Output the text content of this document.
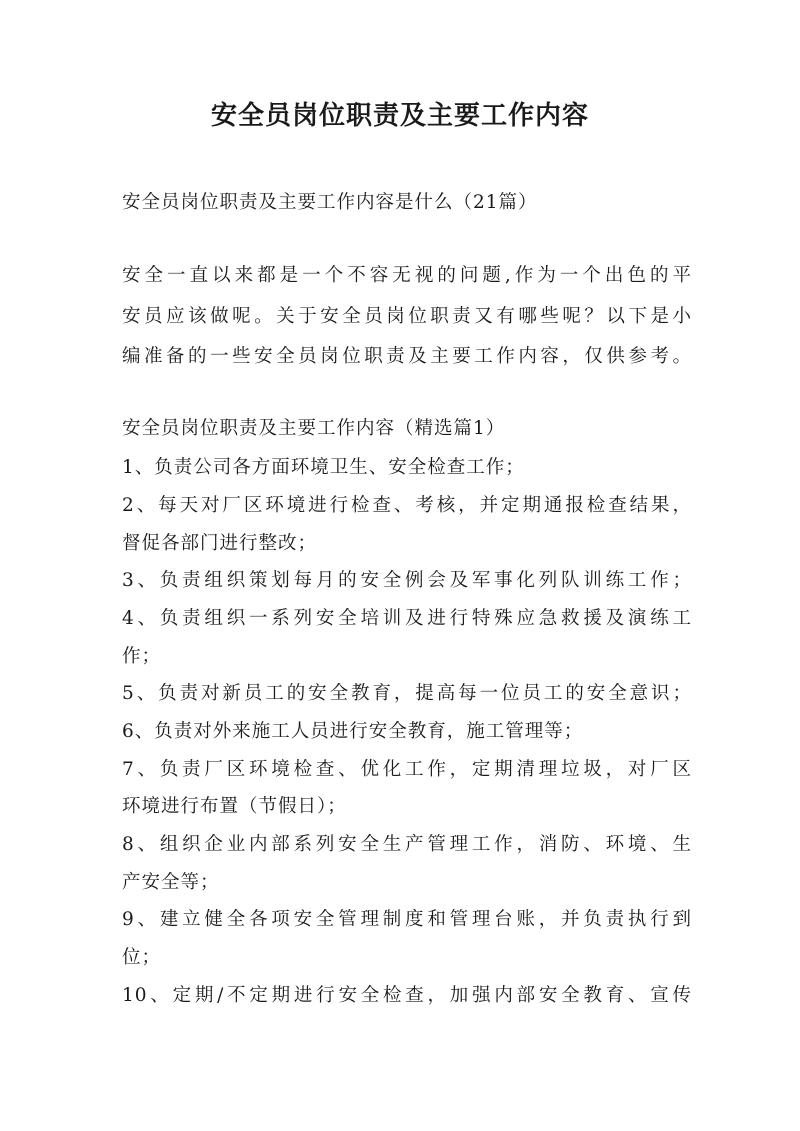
安全员岗位职责及主要工作内容

安全员岗位职责及主要工作内容是什么（21篇）

安全一直以来都是一个不容无视的问题,作为一个出色的平

安员应该做呢。关于安全员岗位职责又有哪些呢？以下是小

编准备的一些安全员岗位职责及主要工作内容，仅供参考。

安全员岗位职责及主要工作内容（精选篇1）

1、负责公司各方面环境卫生、安全检查工作；

2、每天对厂区环境进行检查、考核，并定期通报检查结果，

督促各部门进行整改；

3、负责组织策划每月的安全例会及军事化列队训练工作；

4、负责组织一系列安全培训及进行特殊应急救援及演练工

作；

5、负责对新员工的安全教育，提高每一位员工的安全意识；

6、负责对外来施工人员进行安全教育，施工管理等；

7、负责厂区环境检查、优化工作，定期清理垃圾，对厂区

环境进行布置（节假日）；

8、组织企业内部系列安全生产管理工作，消防、环境、生

产安全等；

9、建立健全各项安全管理制度和管理台账，并负责执行到

位；

10、定期/不定期进行安全检查，加强内部安全教育、宣传
